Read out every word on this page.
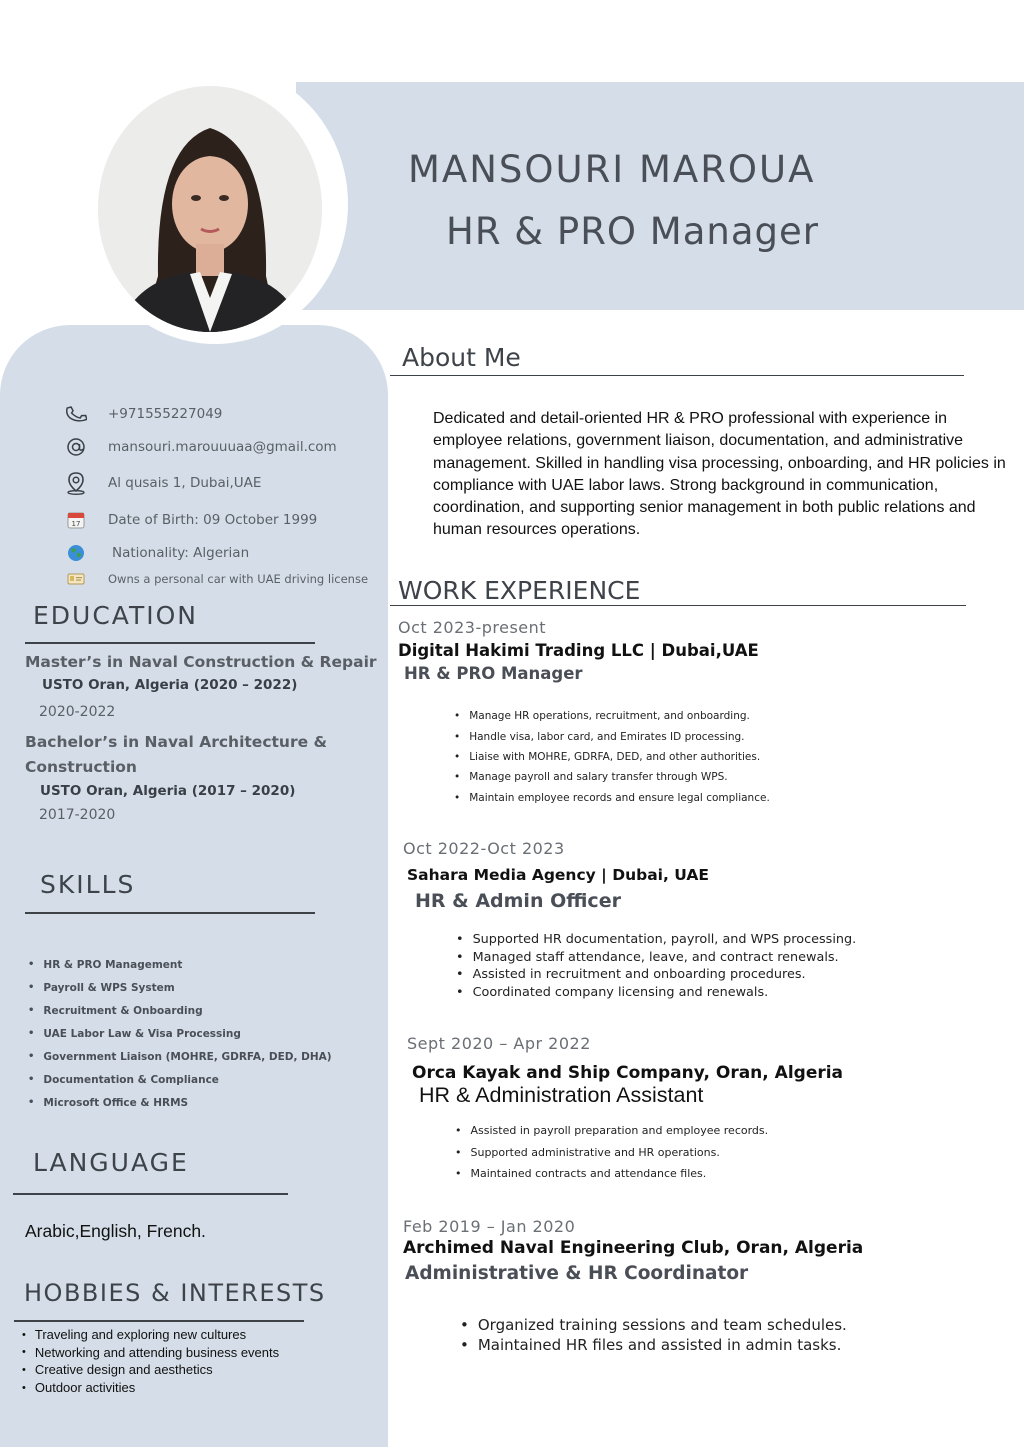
MANSOURI MAROUA
HR & PRO Manager
+971555227049
mansouri.marouuuaa@gmail.com
Al qusais 1, Dubai,UAE
17 Date of Birth: 09 October 1999
Nationality: Algerian
Owns a personal car with UAE driving license
EDUCATION
Master’s in Naval Construction & Repair
USTO Oran, Algeria (2020 – 2022)
2020-2022
Bachelor’s in Naval Architecture & Construction
USTO Oran, Algeria (2017 – 2020)
2017-2020
SKILLS
• HR & PRO Management
• Payroll & WPS System
• Recruitment & Onboarding
• UAE Labor Law & Visa Processing
• Government Liaison (MOHRE, GDRFA, DED, DHA)
• Documentation & Compliance
• Microsoft Office & HRMS
LANGUAGE
Arabic,English, French.
HOBBIES & INTERESTS
• Traveling and exploring new cultures
• Networking and attending business events
• Creative design and aesthetics
• Outdoor activities
About Me
Dedicated and detail-oriented HR & PRO professional with experience in employee relations, government liaison, documentation, and administrative management. Skilled in handling visa processing, onboarding, and HR policies in compliance with UAE labor laws. Strong background in communication, coordination, and supporting senior management in both public relations and human resources operations.
WORK EXPERIENCE
Oct 2023-present
Digital Hakimi Trading LLC | Dubai,UAE
HR & PRO Manager
• Manage HR operations, recruitment, and onboarding.
• Handle visa, labor card, and Emirates ID processing.
• Liaise with MOHRE, GDRFA, DED, and other authorities.
• Manage payroll and salary transfer through WPS.
• Maintain employee records and ensure legal compliance.
Oct 2022-Oct 2023
Sahara Media Agency | Dubai, UAE
HR & Admin Officer
• Supported HR documentation, payroll, and WPS processing.
• Managed staff attendance, leave, and contract renewals.
• Assisted in recruitment and onboarding procedures.
• Coordinated company licensing and renewals.
Sept 2020 – Apr 2022
Orca Kayak and Ship Company, Oran, Algeria
HR & Administration Assistant
• Assisted in payroll preparation and employee records.
• Supported administrative and HR operations.
• Maintained contracts and attendance files.
Feb 2019 – Jan 2020
Archimed Naval Engineering Club, Oran, Algeria
Administrative & HR Coordinator
• Organized training sessions and team schedules.
• Maintained HR files and assisted in admin tasks.
